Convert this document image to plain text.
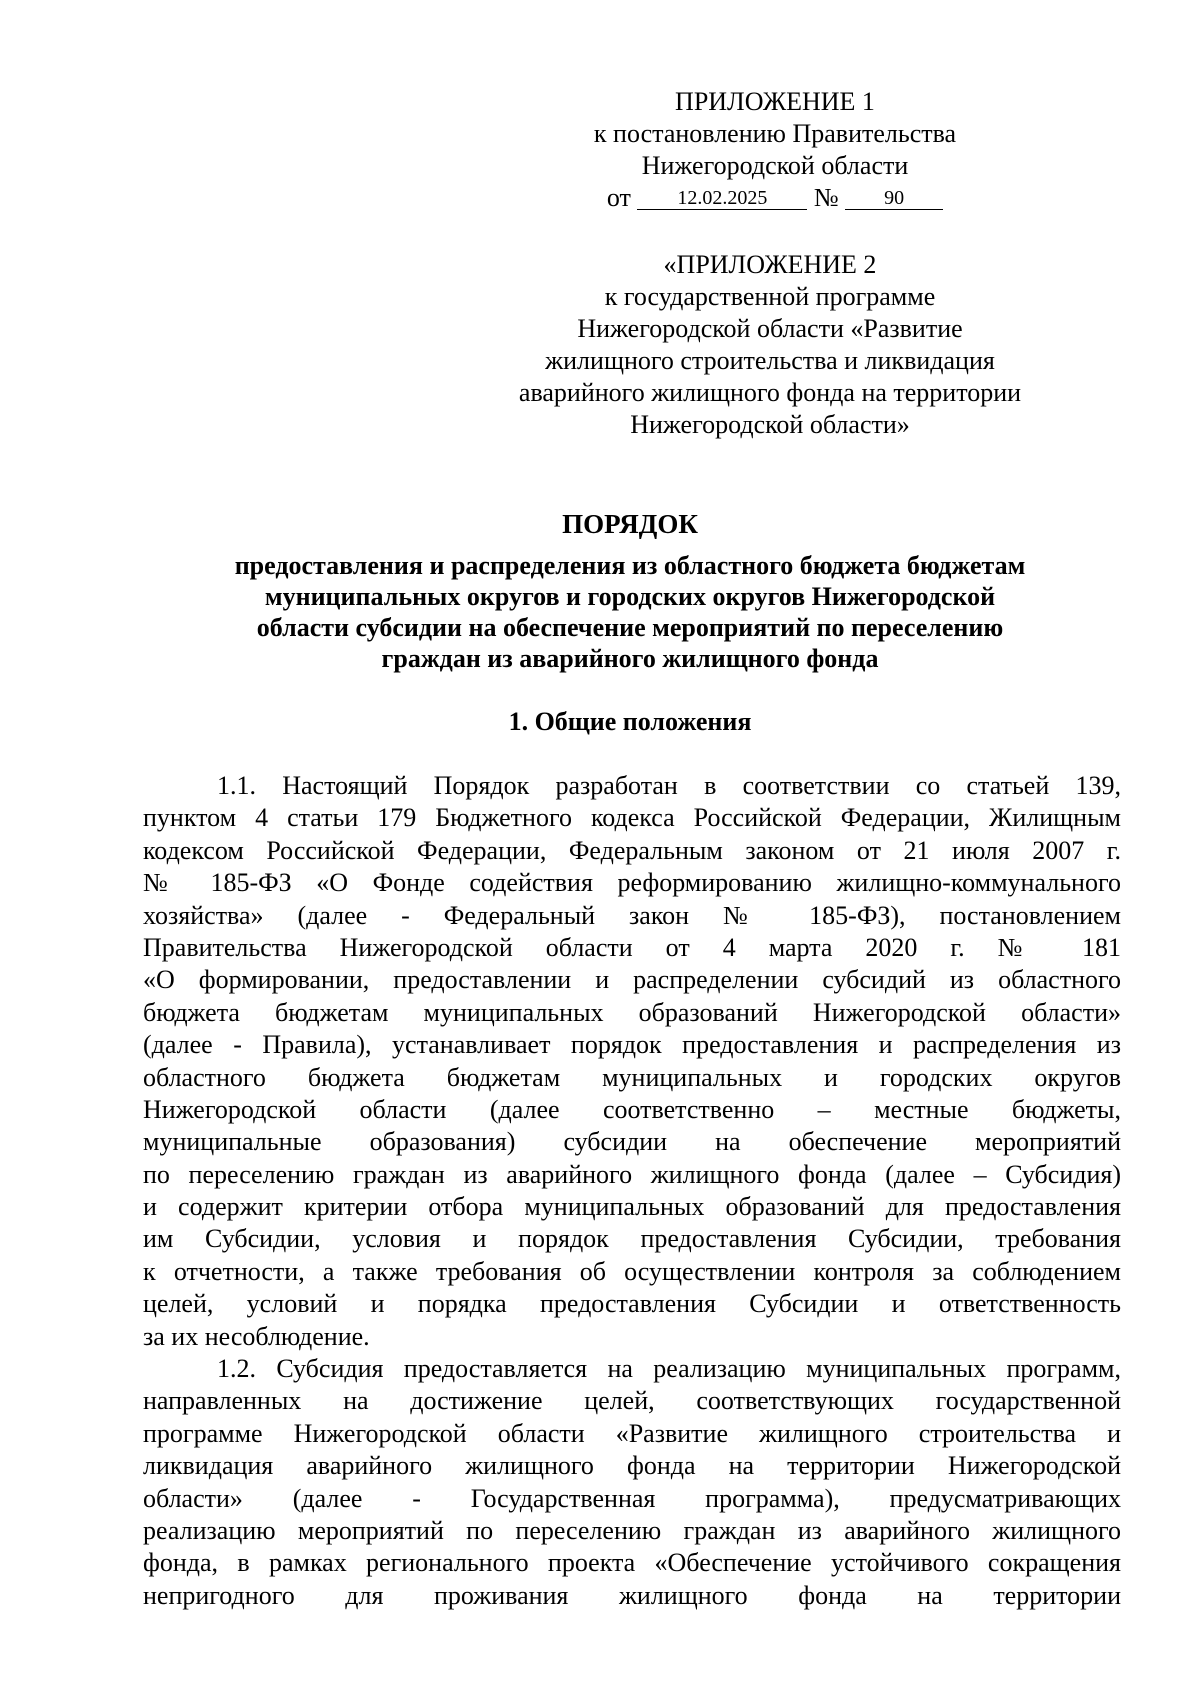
ПРИЛОЖЕНИЕ 1
к постановлению Правительства
Нижегородской области
от 12.02.2025 № 90
«ПРИЛОЖЕНИЕ 2
к государственной программе
Нижегородской области «Развитие
жилищного строительства и ликвидация
аварийного жилищного фонда на территории
Нижегородской области»
ПОРЯДОК
предоставления и распределения из областного бюджета бюджетам
муниципальных округов и городских округов Нижегородской
области субсидии на обеспечение мероприятий по переселению
граждан из аварийного жилищного фонда
1. Общие положения
1.1. Настоящий Порядок разработан в соответствии со статьей 139,
пунктом 4 статьи 179 Бюджетного кодекса Российской Федерации, Жилищным
кодексом Российской Федерации, Федеральным законом от 21 июля 2007 г.
№ 185-ФЗ «О Фонде содействия реформированию жилищно-коммунального
хозяйства» (далее - Федеральный закон № 185-ФЗ), постановлением
Правительства Нижегородской области от 4 марта 2020 г. № 181
«О формировании, предоставлении и распределении субсидий из областного
бюджета бюджетам муниципальных образований Нижегородской области»
(далее - Правила), устанавливает порядок предоставления и распределения из
областного бюджета бюджетам муниципальных и городских округов
Нижегородской области (далее соответственно – местные бюджеты,
муниципальные образования) субсидии на обеспечение мероприятий
по переселению граждан из аварийного жилищного фонда (далее – Субсидия)
и содержит критерии отбора муниципальных образований для предоставления
им Субсидии, условия и порядок предоставления Субсидии, требования
к отчетности, а также требования об осуществлении контроля за соблюдением
целей, условий и порядка предоставления Субсидии и ответственность
за их несоблюдение.
1.2. Субсидия предоставляется на реализацию муниципальных программ,
направленных на достижение целей, соответствующих государственной
программе Нижегородской области «Развитие жилищного строительства и
ликвидация аварийного жилищного фонда на территории Нижегородской
области» (далее - Государственная программа), предусматривающих
реализацию мероприятий по переселению граждан из аварийного жилищного
фонда, в рамках регионального проекта «Обеспечение устойчивого сокращения
непригодного для проживания жилищного фонда на территории
